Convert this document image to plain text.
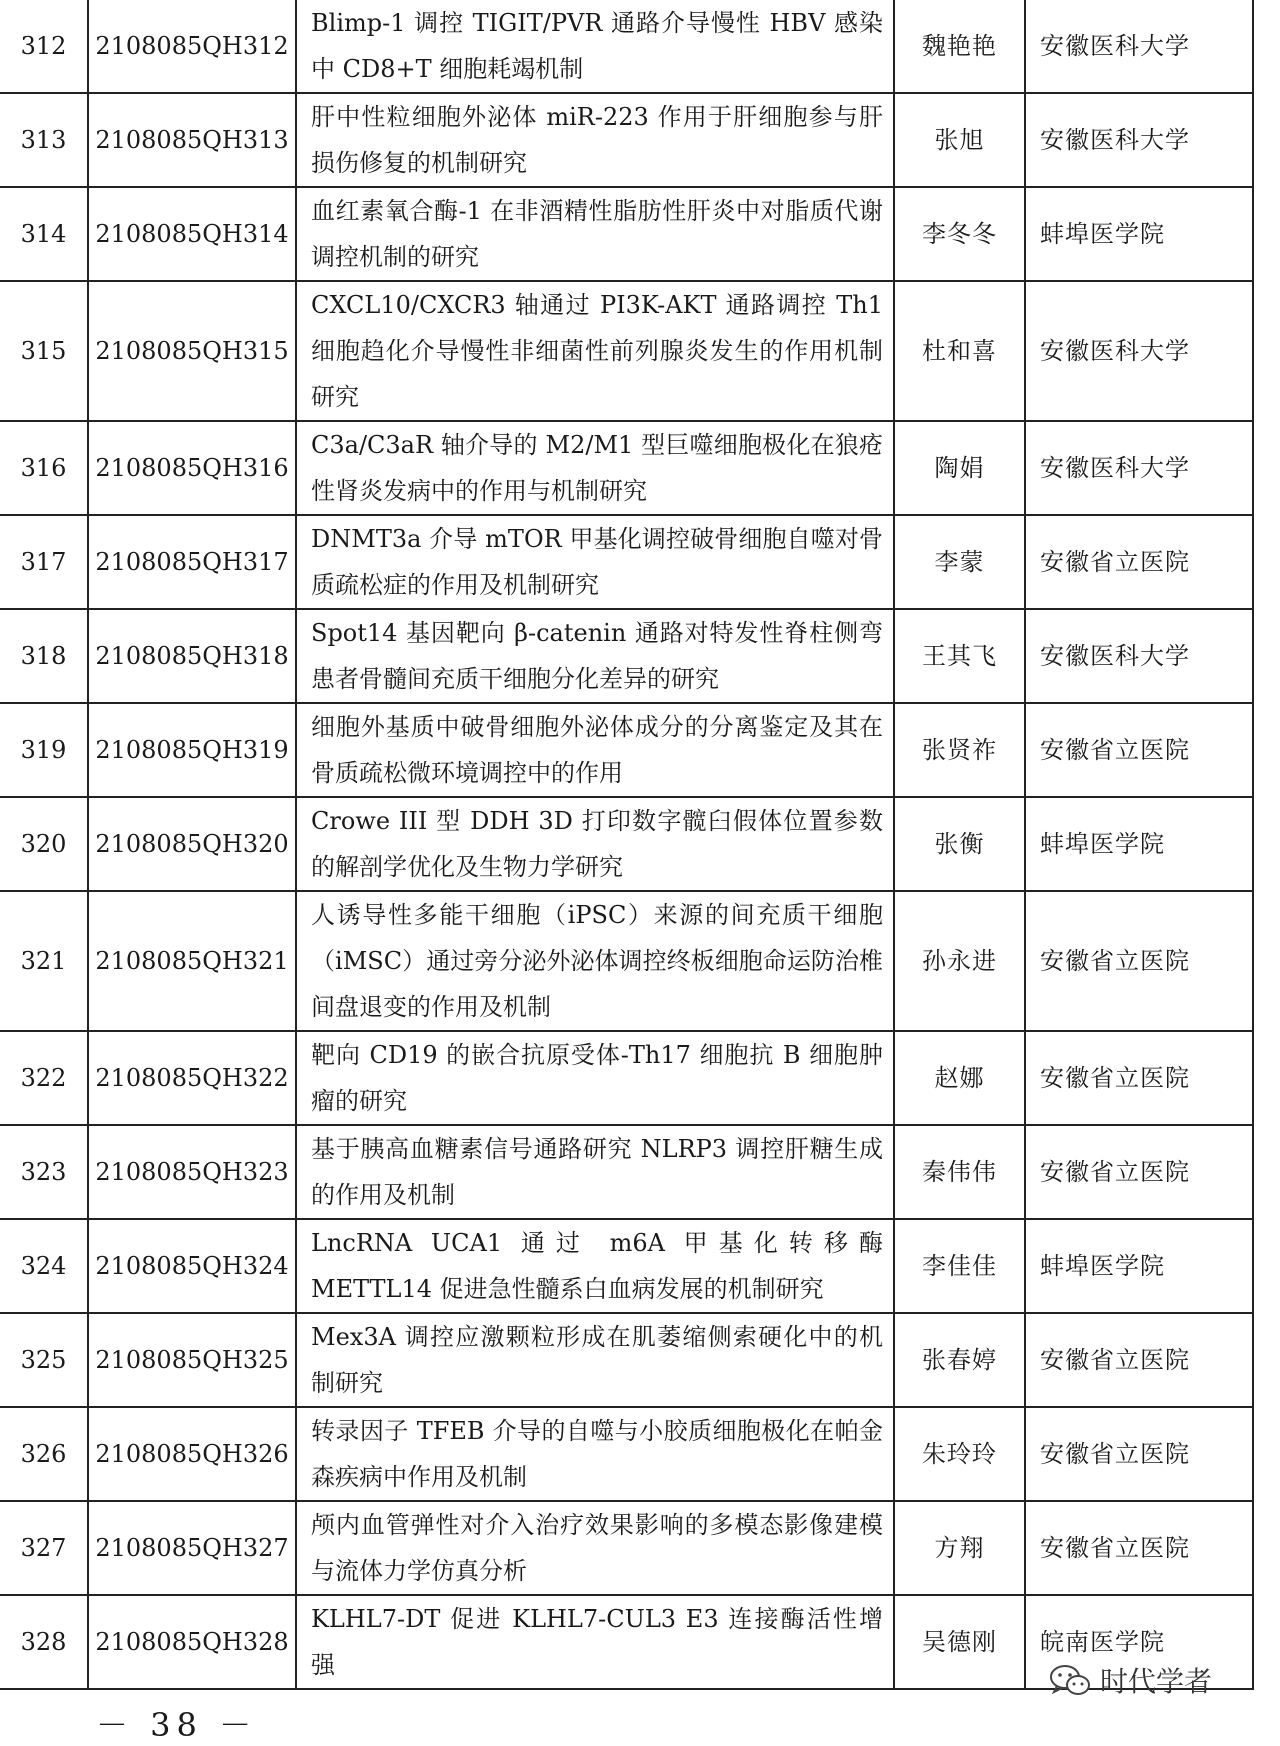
312	2108085QH312	Blimp-1 调控 TIGIT/PVR 通路介导慢性 HBV 感染中 CD8+T 细胞耗竭机制	魏艳艳	安徽医科大学
313	2108085QH313	肝中性粒细胞外泌体 miR-223 作用于肝细胞参与肝损伤修复的机制研究	张旭	安徽医科大学
314	2108085QH314	血红素氧合酶-1 在非酒精性脂肪性肝炎中对脂质代谢调控机制的研究	李冬冬	蚌埠医学院
315	2108085QH315	CXCL10/CXCR3 轴通过 PI3K-AKT 通路调控 Th1 细胞趋化介导慢性非细菌性前列腺炎发生的作用机制研究	杜和喜	安徽医科大学
316	2108085QH316	C3a/C3aR 轴介导的 M2/M1 型巨噬细胞极化在狼疮性肾炎发病中的作用与机制研究	陶娟	安徽医科大学
317	2108085QH317	DNMT3a 介导 mTOR 甲基化调控破骨细胞自噬对骨质疏松症的作用及机制研究	李蒙	安徽省立医院
318	2108085QH318	Spot14 基因靶向 β-catenin 通路对特发性脊柱侧弯患者骨髓间充质干细胞分化差异的研究	王其飞	安徽医科大学
319	2108085QH319	细胞外基质中破骨细胞外泌体成分的分离鉴定及其在骨质疏松微环境调控中的作用	张贤祚	安徽省立医院
320	2108085QH320	Crowe III 型 DDH 3D 打印数字髋臼假体位置参数的解剖学优化及生物力学研究	张衡	蚌埠医学院
321	2108085QH321	人诱导性多能干细胞（iPSC）来源的间充质干细胞（iMSC）通过旁分泌外泌体调控终板细胞命运防治椎间盘退变的作用及机制	孙永进	安徽省立医院
322	2108085QH322	靶向 CD19 的嵌合抗原受体-Th17 细胞抗 B 细胞肿瘤的研究	赵娜	安徽省立医院
323	2108085QH323	基于胰高血糖素信号通路研究 NLRP3 调控肝糖生成的作用及机制	秦伟伟	安徽省立医院
324	2108085QH324	LncRNA UCA1 通过 m6A 甲基化转移酶 METTL14 促进急性髓系白血病发展的机制研究	李佳佳	蚌埠医学院
325	2108085QH325	Mex3A 调控应激颗粒形成在肌萎缩侧索硬化中的机制研究	张春婷	安徽省立医院
326	2108085QH326	转录因子 TFEB 介导的自噬与小胶质细胞极化在帕金森疾病中作用及机制	朱玲玲	安徽省立医院
327	2108085QH327	颅内血管弹性对介入治疗效果影响的多模态影像建模与流体力学仿真分析	方翔	安徽省立医院
328	2108085QH328	KLHL7-DT 促进 KLHL7-CUL3 E3 连接酶活性增强	吴德刚	皖南医学院
－ 38 －
时代学者
